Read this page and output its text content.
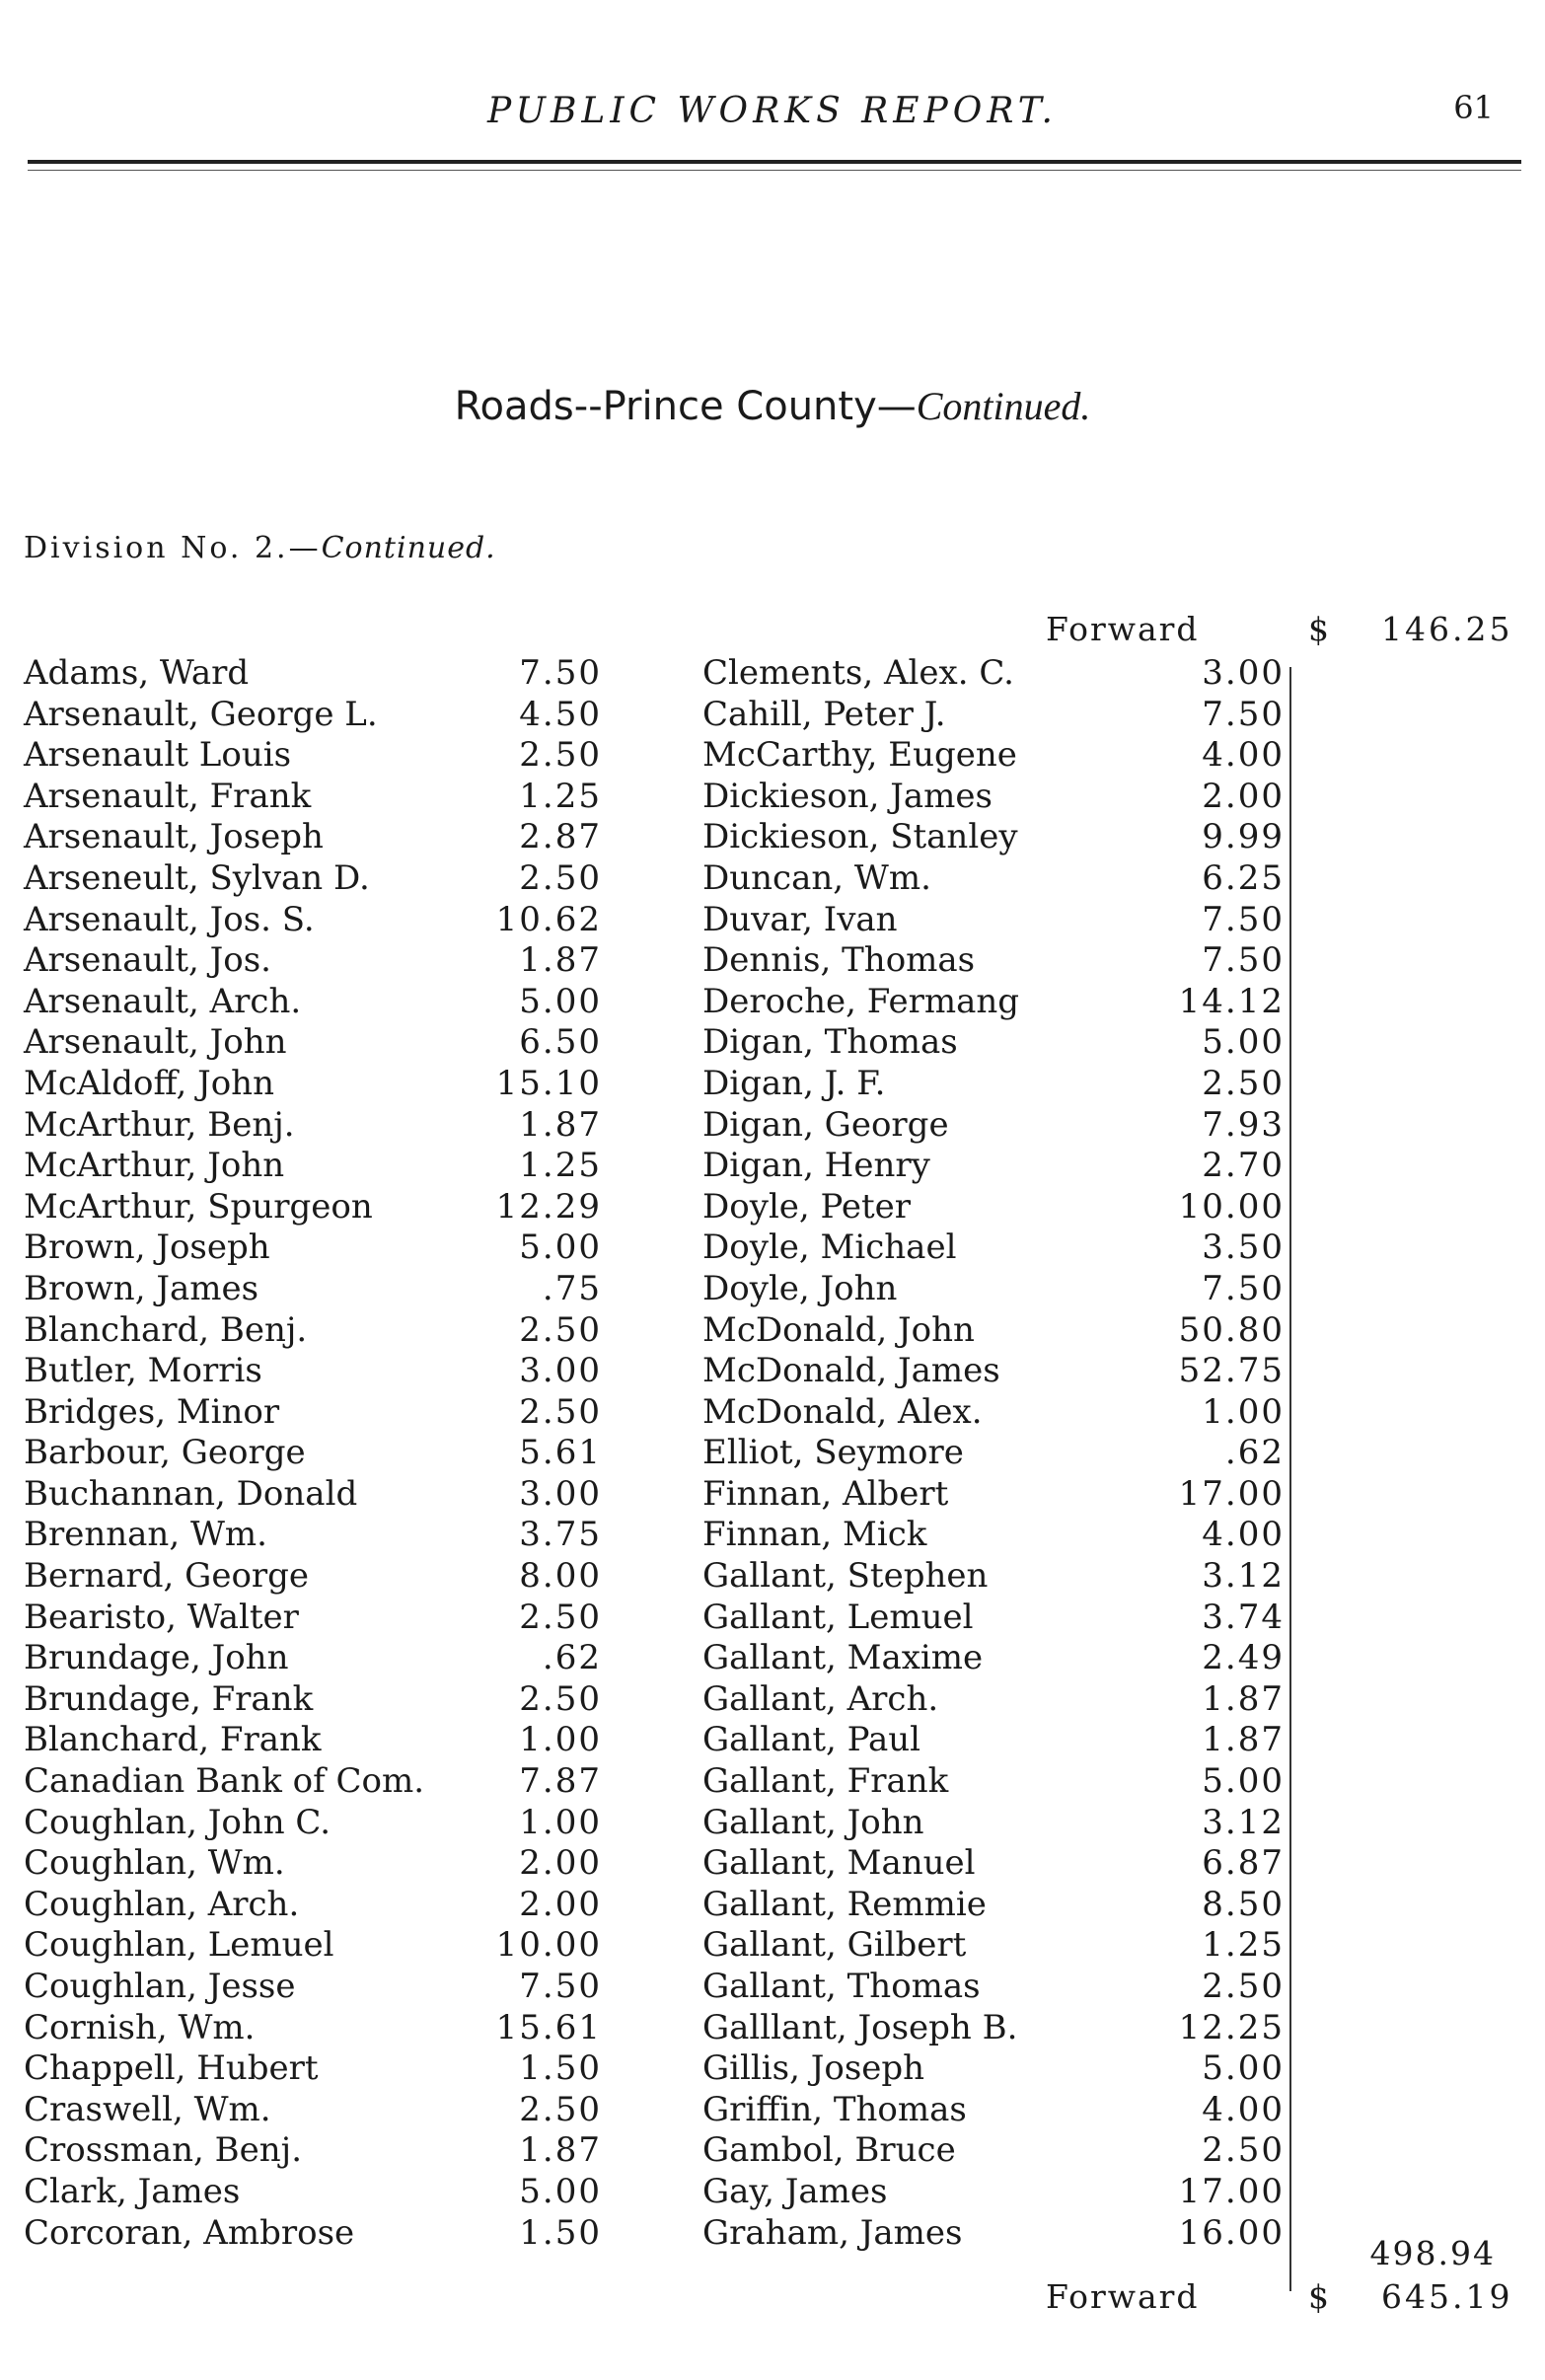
PUBLIC WORKS REPORT.	61
Roads--Prince County—Continued.
Division No. 2.—Continued.
Forward	$ 146.25
Adams, Ward	7.50
Arsenault, George L.	4.50
Arsenault Louis	2.50
Arsenault, Frank	1.25
Arsenault, Joseph	2.87
Arseneult, Sylvan D.	2.50
Arsenault, Jos. S.	10.62
Arsenault, Jos.	1.87
Arsenault, Arch.	5.00
Arsenault, John	6.50
McAldoff, John	15.10
McArthur, Benj.	1.87
McArthur, John	1.25
McArthur, Spurgeon	12.29
Brown, Joseph	5.00
Brown, James	.75
Blanchard, Benj.	2.50
Butler, Morris	3.00
Bridges, Minor	2.50
Barbour, George	5.61
Buchannan, Donald	3.00
Brennan, Wm.	3.75
Bernard, George	8.00
Bearisto, Walter	2.50
Brundage, John	.62
Brundage, Frank	2.50
Blanchard, Frank	1.00
Canadian Bank of Com.	7.87
Coughlan, John C.	1.00
Coughlan, Wm.	2.00
Coughlan, Arch.	2.00
Coughlan, Lemuel	10.00
Coughlan, Jesse	7.50
Cornish, Wm.	15.61
Chappell, Hubert	1.50
Craswell, Wm.	2.50
Crossman, Benj.	1.87
Clark, James	5.00
Corcoran, Ambrose	1.50
Clements, Alex. C.	3.00
Cahill, Peter J.	7.50
McCarthy, Eugene	4.00
Dickieson, James	2.00
Dickieson, Stanley	9.99
Duncan, Wm.	6.25
Duvar, Ivan	7.50
Dennis, Thomas	7.50
Deroche, Fermang	14.12
Digan, Thomas	5.00
Digan, J. F.	2.50
Digan, George	7.93
Digan, Henry	2.70
Doyle, Peter	10.00
Doyle, Michael	3.50
Doyle, John	7.50
McDonald, John	50.80
McDonald, James	52.75
McDonald, Alex.	1.00
Elliot, Seymore	.62
Finnan, Albert	17.00
Finnan, Mick	4.00
Gallant, Stephen	3.12
Gallant, Lemuel	3.74
Gallant, Maxime	2.49
Gallant, Arch.	1.87
Gallant, Paul	1.87
Gallant, Frank	5.00
Gallant, John	3.12
Gallant, Manuel	6.87
Gallant, Remmie	8.50
Gallant, Gilbert	1.25
Gallant, Thomas	2.50
Galllant, Joseph B.	12.25
Gillis, Joseph	5.00
Griffin, Thomas	4.00
Gambol, Bruce	2.50
Gay, James	17.00
Graham, James	16.00
498.94
Forward	$ 645.19
